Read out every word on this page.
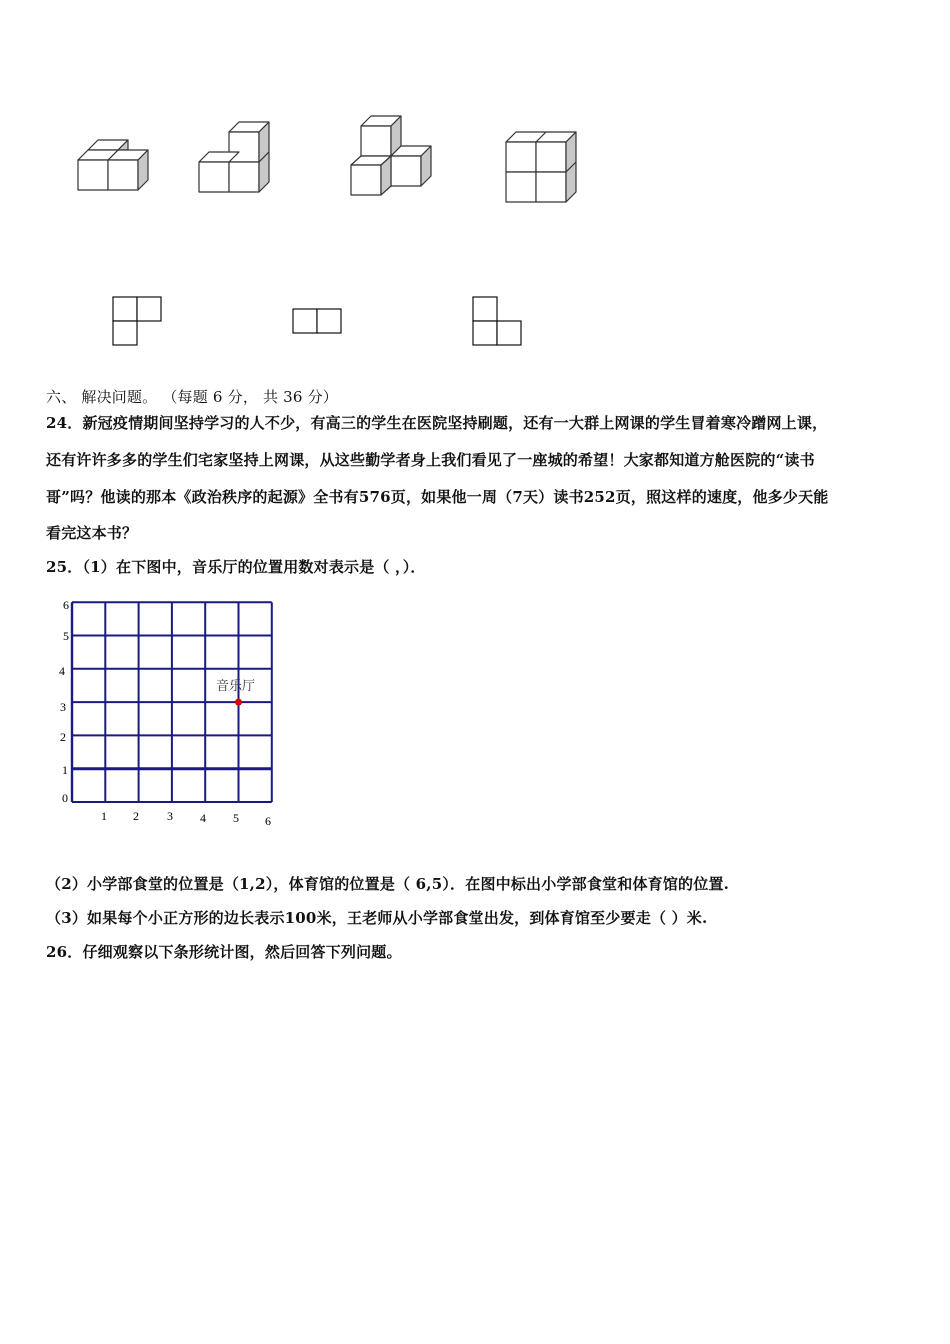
六、 解决问题。 （每题 6 分， 共 36 分）
24．新冠疫情期间坚持学习的人不少，有高三的学生在医院坚持刷题，还有一大群上网课的学生冒着寒冷蹭网上课，
还有许许多多的学生们宅家坚持上网课，从这些勤学者身上我们看见了一座城的希望！大家都知道方舱医院的“读书
哥”吗？他读的那本《政治秩序的起源》全书有576页，如果他一周（7天）读书252页，照这样的速度，他多少天能
看完这本书？
25．（1）在下图中，音乐厅的位置用数对表示是（ ，）．
6
5
4
3
2
1
0
1 2 3 4 5 6
音乐厅
（2）小学部食堂的位置是（1,2），体育馆的位置是（ 6,5）．在图中标出小学部食堂和体育馆的位置.
（3）如果每个小正方形的边长表示100米，王老师从小学部食堂出发，到体育馆至少要走（ ）米.
26．仔细观察以下条形统计图，然后回答下列问题。
